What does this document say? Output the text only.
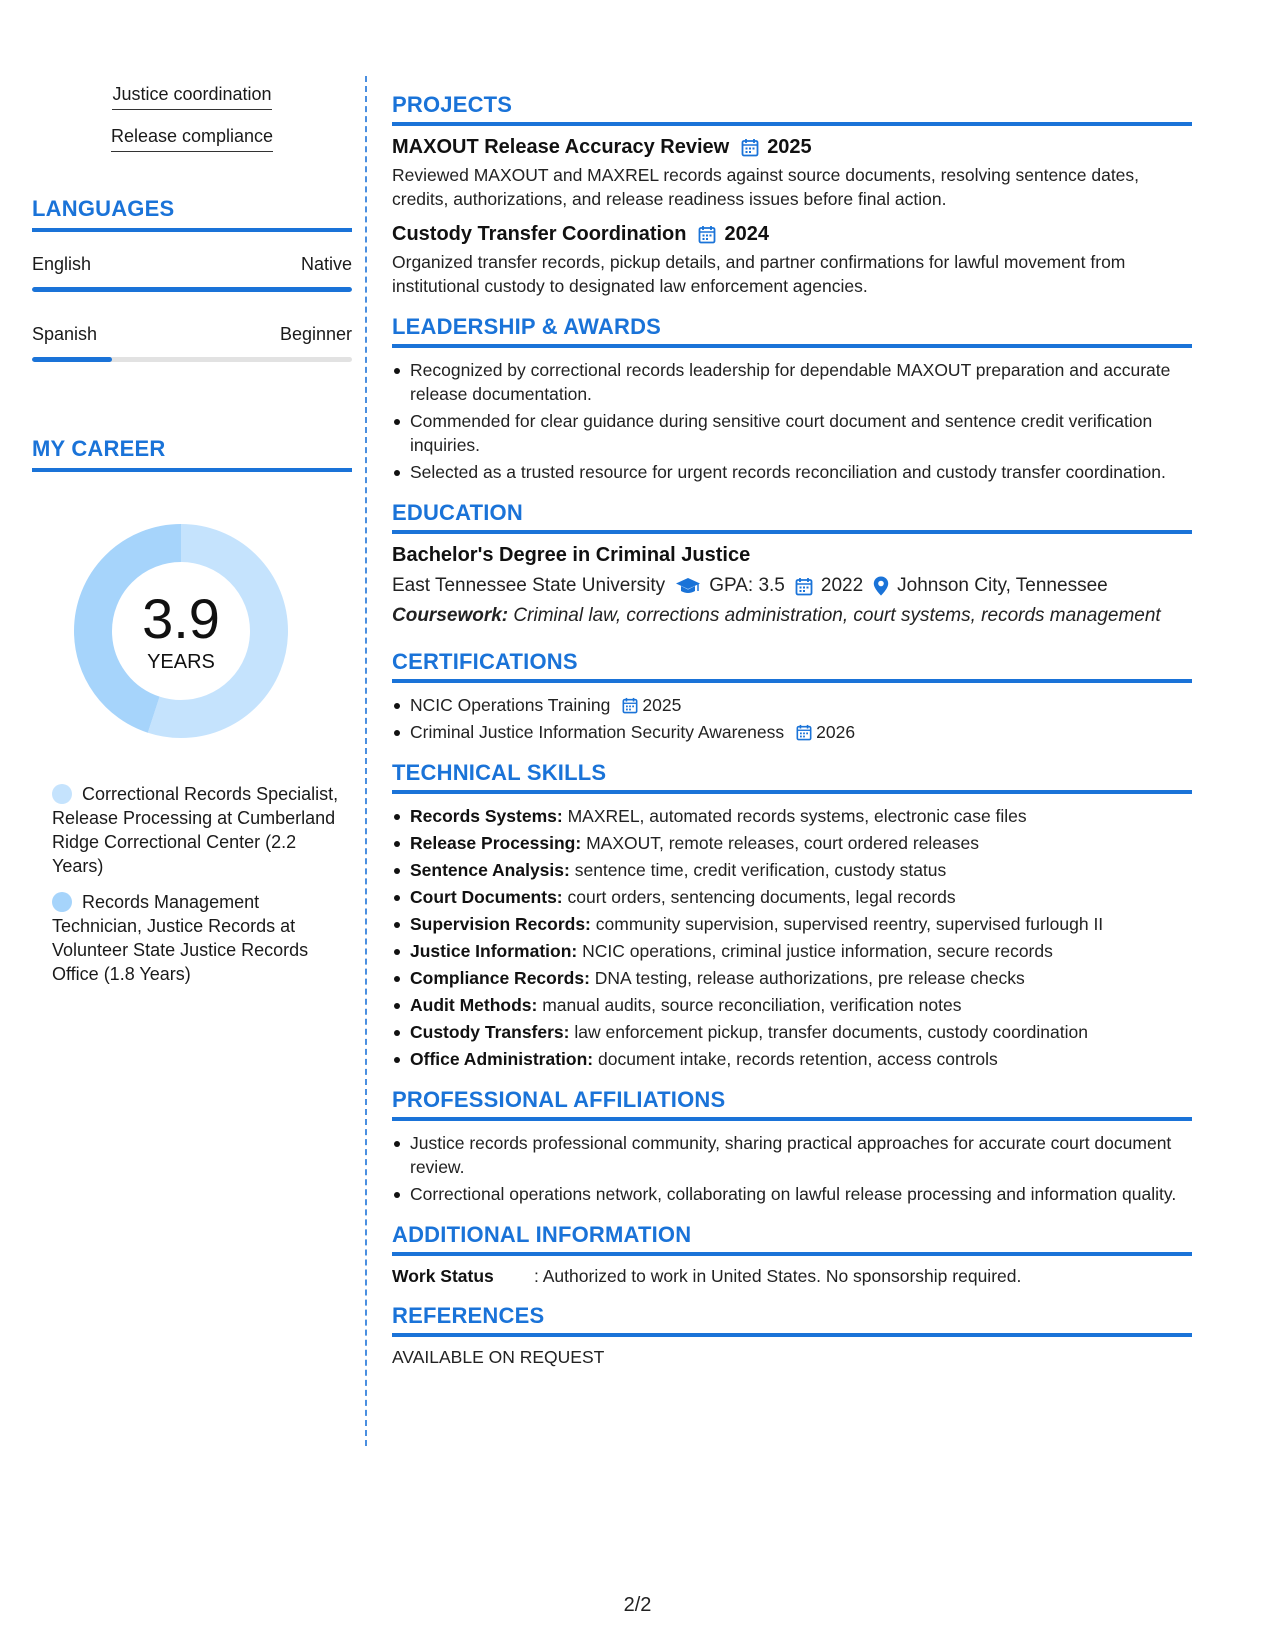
Justice coordination
Release compliance
LANGUAGES
English	Native
Spanish	Beginner
MY CAREER
3.9
YEARS
Correctional Records Specialist, Release Processing at Cumberland Ridge Correctional Center (2.2 Years)
Records Management Technician, Justice Records at Volunteer State Justice Records Office (1.8 Years)
PROJECTS
MAXOUT Release Accuracy Review 2025
Reviewed MAXOUT and MAXREL records against source documents, resolving sentence dates, credits, authorizations, and release readiness issues before final action.
Custody Transfer Coordination 2024
Organized transfer records, pickup details, and partner confirmations for lawful movement from institutional custody to designated law enforcement agencies.
LEADERSHIP & AWARDS
Recognized by correctional records leadership for dependable MAXOUT preparation and accurate release documentation.
Commended for clear guidance during sensitive court document and sentence credit verification inquiries.
Selected as a trusted resource for urgent records reconciliation and custody transfer coordination.
EDUCATION
Bachelor's Degree in Criminal Justice
East Tennessee State University GPA: 3.5 2022 Johnson City, Tennessee
Coursework: Criminal law, corrections administration, court systems, records management
CERTIFICATIONS
NCIC Operations Training 2025
Criminal Justice Information Security Awareness 2026
TECHNICAL SKILLS
Records Systems: MAXREL, automated records systems, electronic case files
Release Processing: MAXOUT, remote releases, court ordered releases
Sentence Analysis: sentence time, credit verification, custody status
Court Documents: court orders, sentencing documents, legal records
Supervision Records: community supervision, supervised reentry, supervised furlough II
Justice Information: NCIC operations, criminal justice information, secure records
Compliance Records: DNA testing, release authorizations, pre release checks
Audit Methods: manual audits, source reconciliation, verification notes
Custody Transfers: law enforcement pickup, transfer documents, custody coordination
Office Administration: document intake, records retention, access controls
PROFESSIONAL AFFILIATIONS
Justice records professional community, sharing practical approaches for accurate court document review.
Correctional operations network, collaborating on lawful release processing and information quality.
ADDITIONAL INFORMATION
Work Status	: Authorized to work in United States. No sponsorship required.
REFERENCES
AVAILABLE ON REQUEST
2/2
